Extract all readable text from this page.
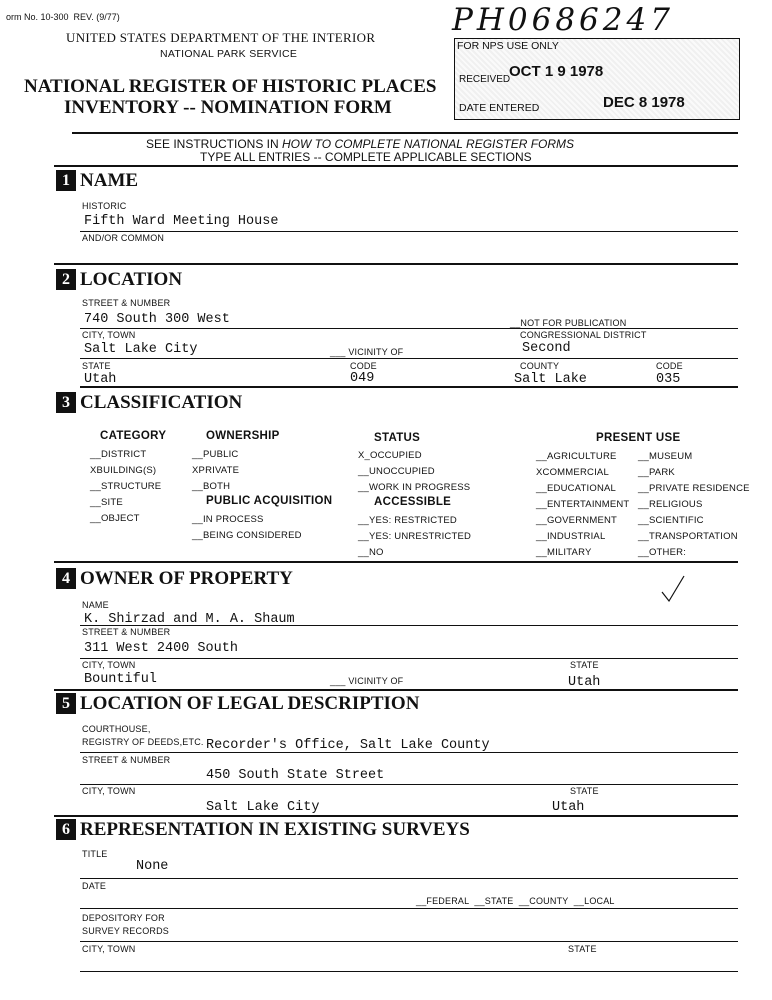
orm No. 10-300 REV. (9/77)
UNITED STATES DEPARTMENT OF THE INTERIOR
NATIONAL PARK SERVICE
NATIONAL REGISTER OF HISTORIC PLACES
INVENTORY -- NOMINATION FORM
PH0686247
FOR NPS USE ONLY
RECEIVED
OCT 1 9 1978
DATE ENTERED	DEC 8 1978
SEE INSTRUCTIONS IN HOW TO COMPLETE NATIONAL REGISTER FORMS
TYPE ALL ENTRIES -- COMPLETE APPLICABLE SECTIONS
1 NAME
HISTORIC
Fifth Ward Meeting House
AND/OR COMMON
2 LOCATION
STREET & NUMBER
740 South 300 West	__NOT FOR PUBLICATION
CITY, TOWN	CONGRESSIONAL DISTRICT
Salt Lake City	Second
___ VICINITY OF
STATE	CODE	COUNTY	CODE
Utah	049	Salt Lake	035
3 CLASSIFICATION
CATEGORY
__DISTRICT
XBUILDING(S)
__STRUCTURE
__SITE
__OBJECT
OWNERSHIP
__PUBLIC
XPRIVATE
__BOTH
PUBLIC ACQUISITION
__IN PROCESS
__BEING CONSIDERED
STATUS
X_OCCUPIED
__UNOCCUPIED
__WORK IN PROGRESS
ACCESSIBLE
__YES: RESTRICTED
__YES: UNRESTRICTED
__NO
PRESENT USE
__AGRICULTURE
XCOMMERCIAL
__EDUCATIONAL
__ENTERTAINMENT
__GOVERNMENT
__INDUSTRIAL
__MILITARY
__MUSEUM
__PARK
__PRIVATE RESIDENCE
__RELIGIOUS
__SCIENTIFIC
__TRANSPORTATION
__OTHER:
4 OWNER OF PROPERTY
NAME
K. Shirzad and M. A. Shaum
STREET & NUMBER
311 West 2400 South
CITY, TOWN	STATE
Bountiful	___ VICINITY OF	Utah
5 LOCATION OF LEGAL DESCRIPTION
COURTHOUSE,
REGISTRY OF DEEDS,ETC. Recorder's Office, Salt Lake County
STREET & NUMBER
450 South State Street
CITY, TOWN	STATE
Salt Lake City	Utah
6 REPRESENTATION IN EXISTING SURVEYS
TITLE
None
DATE
__FEDERAL  __STATE  __COUNTY  __LOCAL
DEPOSITORY FOR
SURVEY RECORDS
CITY, TOWN	STATE
